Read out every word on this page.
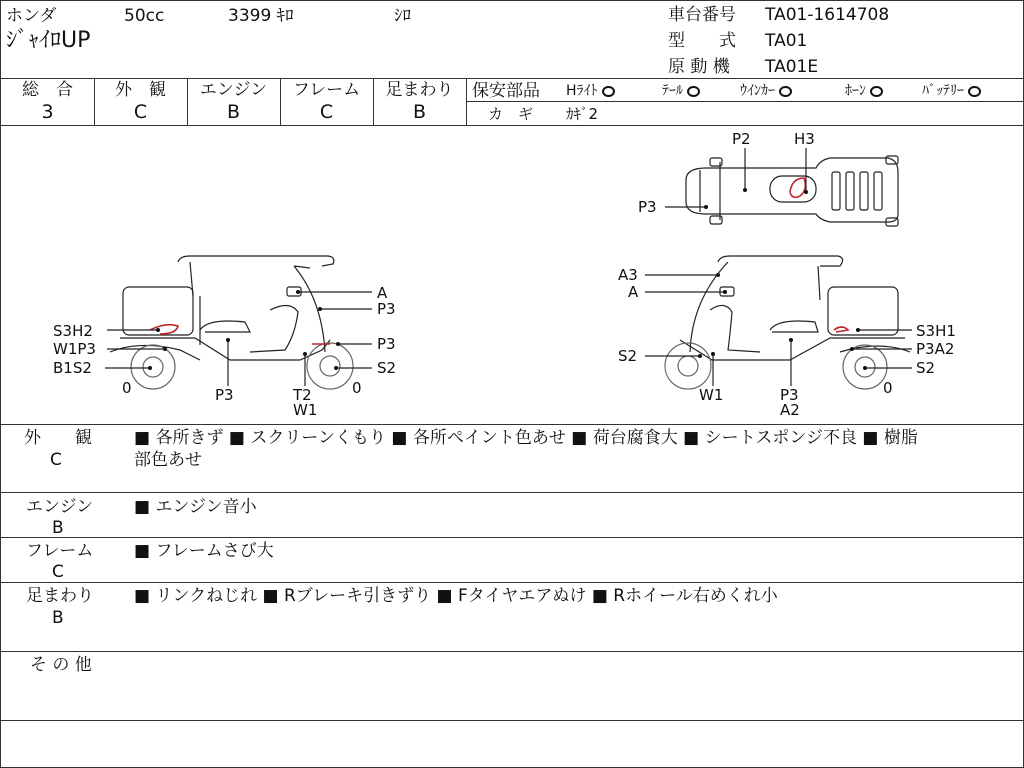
ホンダ	50cc	3399 ｷﾛ	ｼﾛ
ｼﾞｬｲﾛUP
車台番号 TA01-1614708
型　　式 TA01
原 動 機 TA01E
総　合
3
外　観
C
エンジン
B
フレーム
C
足まわり
B
保安部品 Hﾗｲﾄ	ﾃｰﾙ	ｳｲﾝｶｰ	ﾎｰﾝ	ﾊﾞｯﾃﾘｰ
カ　ギ ｶｷﾞ2
A
P3
P3
S2
S3H2
W1P3
B1S2
0	P3	T2
W1
0
A3
A
S3H1
P3A2
S2
S2
W1	P3
A2
0
P2	H3
P3
外　　観
C
■ 各所きず ■ スクリーンくもり ■ 各所ペイント色あせ ■ 荷台腐食大 ■ シートスポンジ不良 ■ 樹脂
部色あせ
エンジン
B
■ エンジン音小
フレーム
C
■ フレームさび大
足まわり
B
■ リンクねじれ ■ Rブレーキ引きずり ■ Fタイヤエアぬけ ■ Rホイール右めくれ小
そ の 他
